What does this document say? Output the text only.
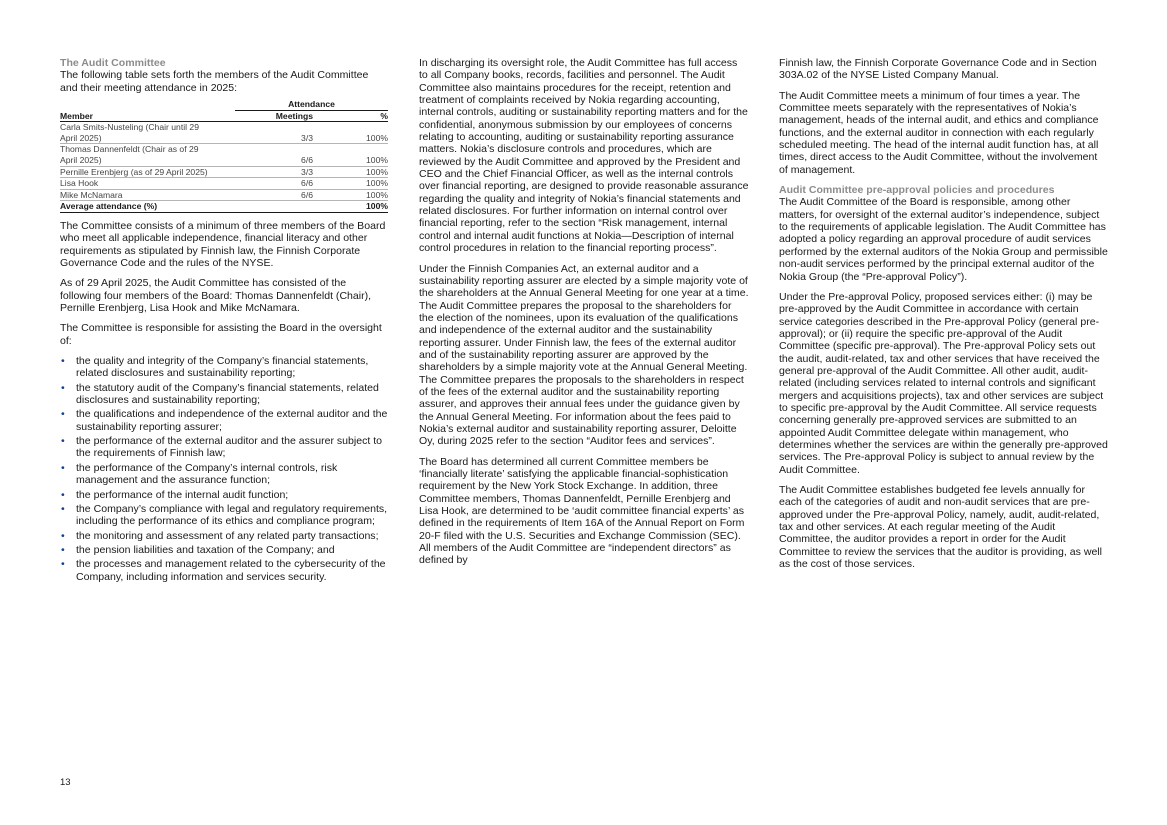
The Audit Committee

The following table sets forth the members of the Audit Committee and their meeting attendance in 2025:

	Attendance	
Member	Meetings	%
Carla Smits-Nusteling (Chair until 29 April 2025)	3/3	100%
Thomas Dannenfeldt (Chair as of 29 April 2025)	6/6	100%
Pernille Erenbjerg (as of 29 April 2025)	3/3	100%
Lisa Hook	6/6	100%
Mike McNamara	6/6	100%
Average attendance (%)		100%

The Committee consists of a minimum of three members of the Board who meet all applicable independence, financial literacy and other requirements as stipulated by Finnish law, the Finnish Corporate Governance Code and the rules of the NYSE.

As of 29 April 2025, the Audit Committee has consisted of the following four members of the Board: Thomas Dannenfeldt (Chair), Pernille Erenbjerg, Lisa Hook and Mike McNamara.

The Committee is responsible for assisting the Board in the oversight of:

• the quality and integrity of the Company’s financial statements, related disclosures and sustainability reporting;
• the statutory audit of the Company’s financial statements, related disclosures and sustainability reporting;
• the qualifications and independence of the external auditor and the sustainability reporting assurer;
• the performance of the external auditor and the assurer subject to the requirements of Finnish law;
• the performance of the Company’s internal controls, risk management and the assurance function;
• the performance of the internal audit function;
• the Company’s compliance with legal and regulatory requirements, including the performance of its ethics and compliance program;
• the monitoring and assessment of any related party transactions;
• the pension liabilities and taxation of the Company; and
• the processes and management related to the cybersecurity of the Company, including information and services security.

In discharging its oversight role, the Audit Committee has full access to all Company books, records, facilities and personnel. The Audit Committee also maintains procedures for the receipt, retention and treatment of complaints received by Nokia regarding accounting, internal controls, auditing or sustainability reporting matters and for the confidential, anonymous submission by our employees of concerns relating to accounting, auditing or sustainability reporting assurance matters. Nokia’s disclosure controls and procedures, which are reviewed by the Audit Committee and approved by the President and CEO and the Chief Financial Officer, as well as the internal controls over financial reporting, are designed to provide reasonable assurance regarding the quality and integrity of Nokia’s financial statements and related disclosures. For further information on internal control over financial reporting, refer to the section “Risk management, internal control and internal audit functions at Nokia—Description of internal control procedures in relation to the financial reporting process”.

Under the Finnish Companies Act, an external auditor and a sustainability reporting assurer are elected by a simple majority vote of the shareholders at the Annual General Meeting for one year at a time. The Audit Committee prepares the proposal to the shareholders for the election of the nominees, upon its evaluation of the qualifications and independence of the external auditor and the sustainability reporting assurer. Under Finnish law, the fees of the external auditor and of the sustainability reporting assurer are approved by the shareholders by a simple majority vote at the Annual General Meeting. The Committee prepares the proposals to the shareholders in respect of the fees of the external auditor and the sustainability reporting assurer, and approves their annual fees under the guidance given by the Annual General Meeting. For information about the fees paid to Nokia’s external auditor and sustainability reporting assurer, Deloitte Oy, during 2025 refer to the section “Auditor fees and services”.

The Board has determined all current Committee members be ‘financially literate’ satisfying the applicable financial-sophistication requirement by the New York Stock Exchange. In addition, three Committee members, Thomas Dannenfeldt, Pernille Erenbjerg and Lisa Hook, are determined to be ‘audit committee financial experts’ as defined in the requirements of Item 16A of the Annual Report on Form 20-F filed with the U.S. Securities and Exchange Commission (SEC). All members of the Audit Committee are “independent directors” as defined by

Finnish law, the Finnish Corporate Governance Code and in Section 303A.02 of the NYSE Listed Company Manual.

The Audit Committee meets a minimum of four times a year. The Committee meets separately with the representatives of Nokia’s management, heads of the internal audit, and ethics and compliance functions, and the external auditor in connection with each regularly scheduled meeting. The head of the internal audit function has, at all times, direct access to the Audit Committee, without the involvement of management.

Audit Committee pre-approval policies and procedures

The Audit Committee of the Board is responsible, among other matters, for oversight of the external auditor’s independence, subject to the requirements of applicable legislation. The Audit Committee has adopted a policy regarding an approval procedure of audit services performed by the external auditors of the Nokia Group and permissible non-audit services performed by the principal external auditor of the Nokia Group (the “Pre-approval Policy”).

Under the Pre-approval Policy, proposed services either: (i) may be pre-approved by the Audit Committee in accordance with certain service categories described in the Pre-approval Policy (general pre-approval); or (ii) require the specific pre-approval of the Audit Committee (specific pre-approval). The Pre-approval Policy sets out the audit, audit-related, tax and other services that have received the general pre-approval of the Audit Committee. All other audit, audit-related (including services related to internal controls and significant mergers and acquisitions projects), tax and other services are subject to specific pre-approval by the Audit Committee. All service requests concerning generally pre-approved services are submitted to an appointed Audit Committee delegate within management, who determines whether the services are within the generally pre-approved services. The Pre-approval Policy is subject to annual review by the Audit Committee.

The Audit Committee establishes budgeted fee levels annually for each of the categories of audit and non-audit services that are pre-approved under the Pre-approval Policy, namely, audit, audit-related, tax and other services. At each regular meeting of the Audit Committee, the auditor provides a report in order for the Audit Committee to review the services that the auditor is providing, as well as the cost of those services.

13
